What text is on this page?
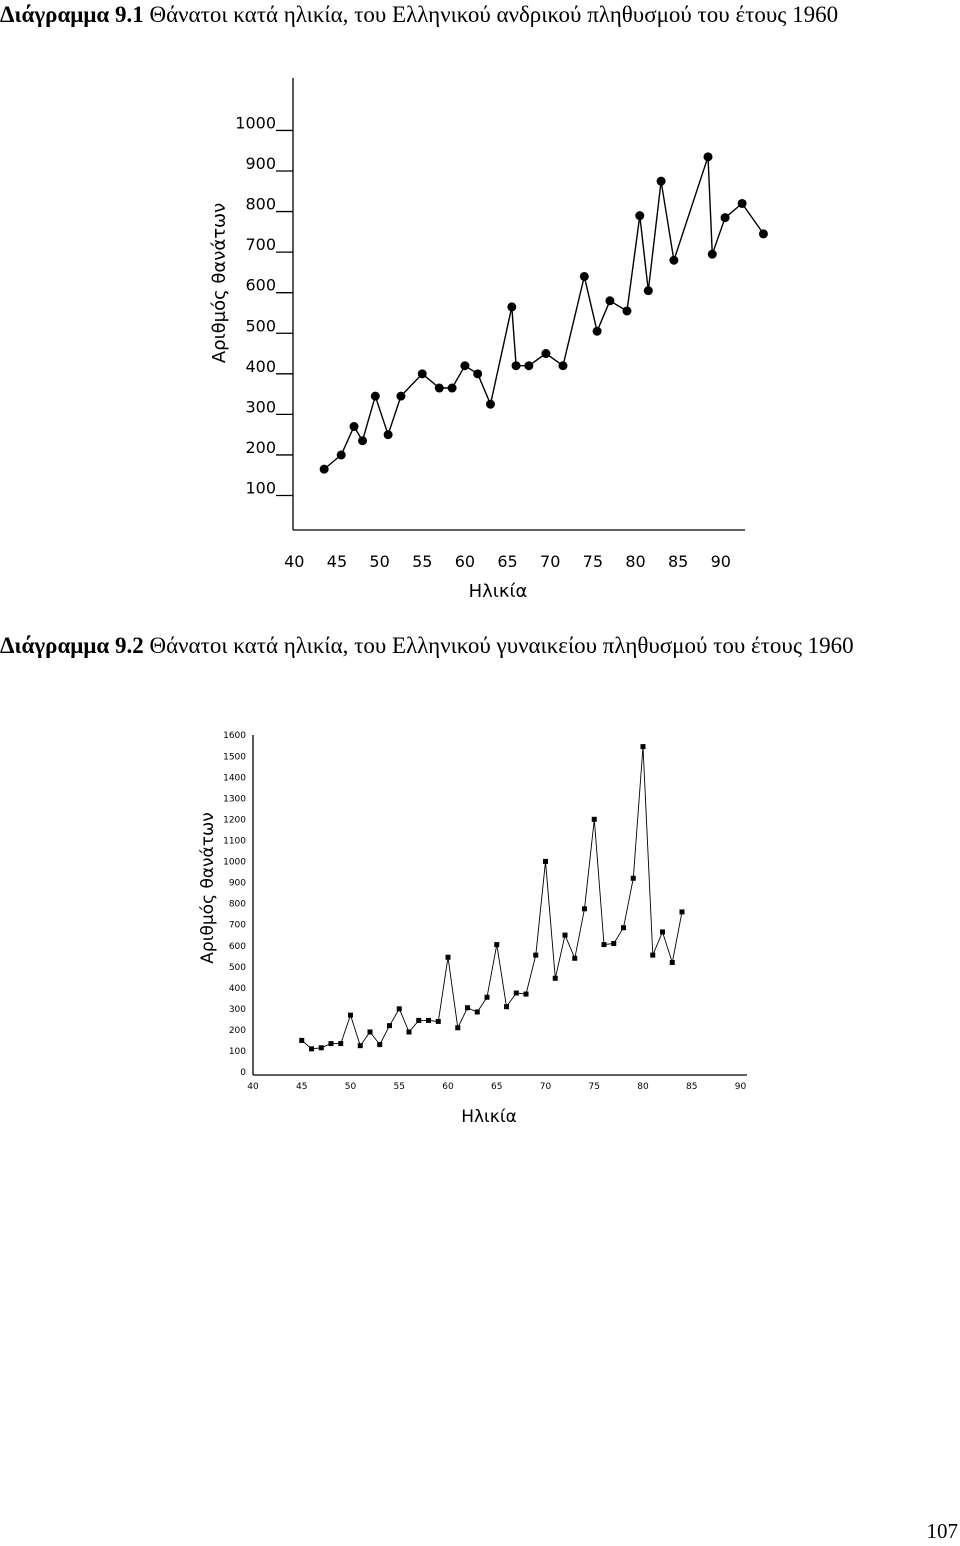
Διάγραμμα 9.1 Θάνατοι κατά ηλικία, του Ελληνικού ανδρικού πληθυσμού του έτους 1960
100
200
300
400
500
600
700
800
900
1000
40 45 50 55 60 65 70 75 80 85 90
Ηλικία
Αριθμός θανάτων
Διάγραμμα 9.2 Θάνατοι κατά ηλικία, του Ελληνικού γυναικείου πληθυσμού του έτους 1960
0
100
200
300
400
500
600
700
800
900
1000
1100
1200
1300
1400
1500
1600
40	45	50	55	60	65	70	75	80	85	90
Ηλικία
Αριθμός θανάτων
107
